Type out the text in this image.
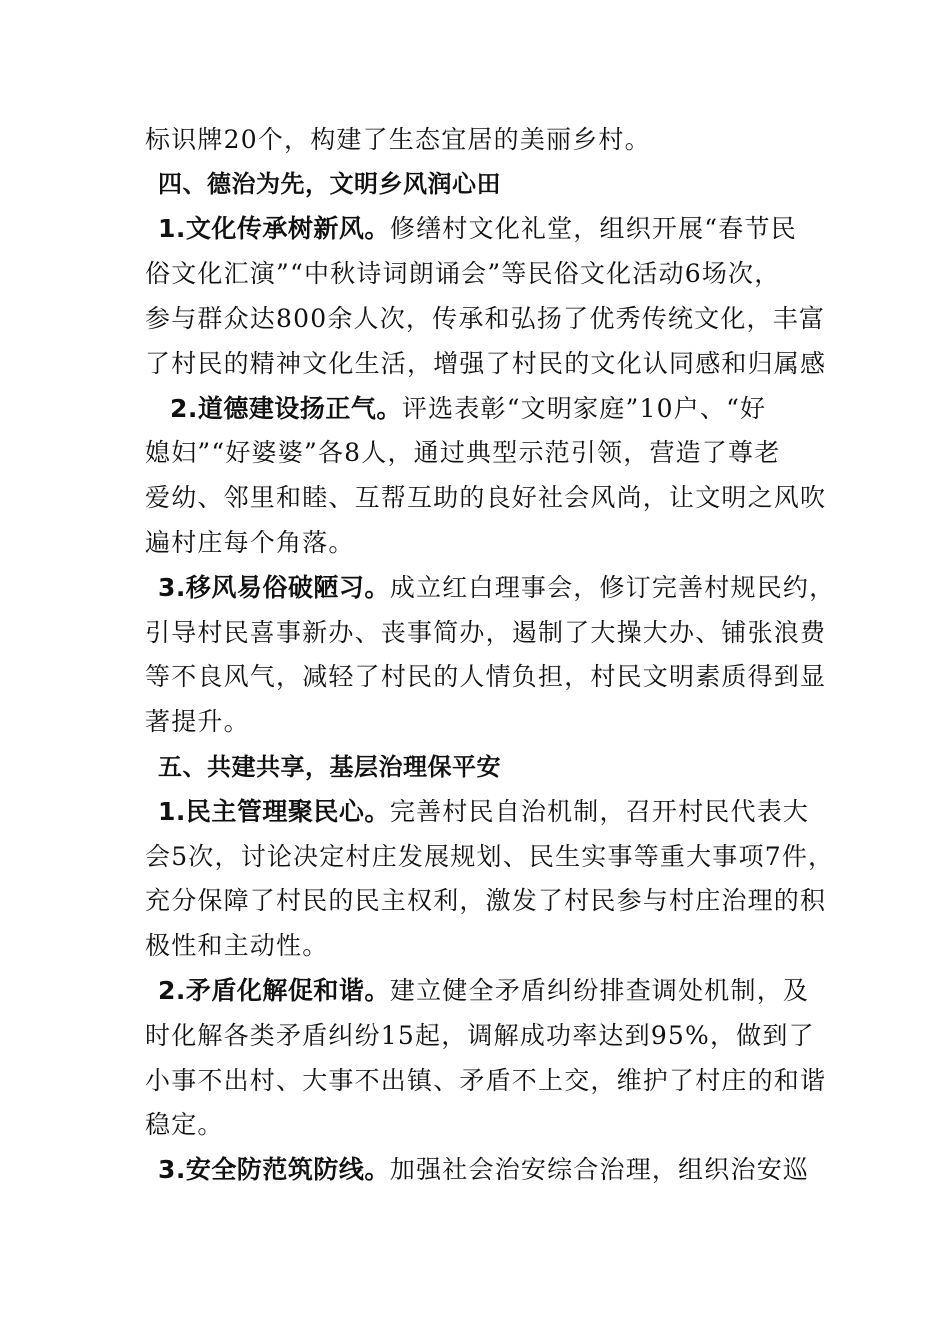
标识牌20个，构建了生态宜居的美丽乡村。
四、德治为先，文明乡风润心田
1.文化传承树新风。修缮村文化礼堂，组织开展“春节民
俗文化汇演”“中秋诗词朗诵会”等民俗文化活动6场次，
参与群众达800余人次，传承和弘扬了优秀传统文化，丰富
了村民的精神文化生活，增强了村民的文化认同感和归属感
2.道德建设扬正气。评选表彰“文明家庭”10户、“好
媳妇”“好婆婆”各8人，通过典型示范引领，营造了尊老
爱幼、邻里和睦、互帮互助的良好社会风尚，让文明之风吹
遍村庄每个角落。
3.移风易俗破陋习。成立红白理事会，修订完善村规民约，
引导村民喜事新办、丧事简办，遏制了大操大办、铺张浪费
等不良风气，减轻了村民的人情负担，村民文明素质得到显
著提升。
五、共建共享，基层治理保平安
1.民主管理聚民心。完善村民自治机制，召开村民代表大
会5次，讨论决定村庄发展规划、民生实事等重大事项7件，
充分保障了村民的民主权利，激发了村民参与村庄治理的积
极性和主动性。
2.矛盾化解促和谐。建立健全矛盾纠纷排查调处机制，及
时化解各类矛盾纠纷15起，调解成功率达到95%，做到了
小事不出村、大事不出镇、矛盾不上交，维护了村庄的和谐
稳定。
3.安全防范筑防线。加强社会治安综合治理，组织治安巡
